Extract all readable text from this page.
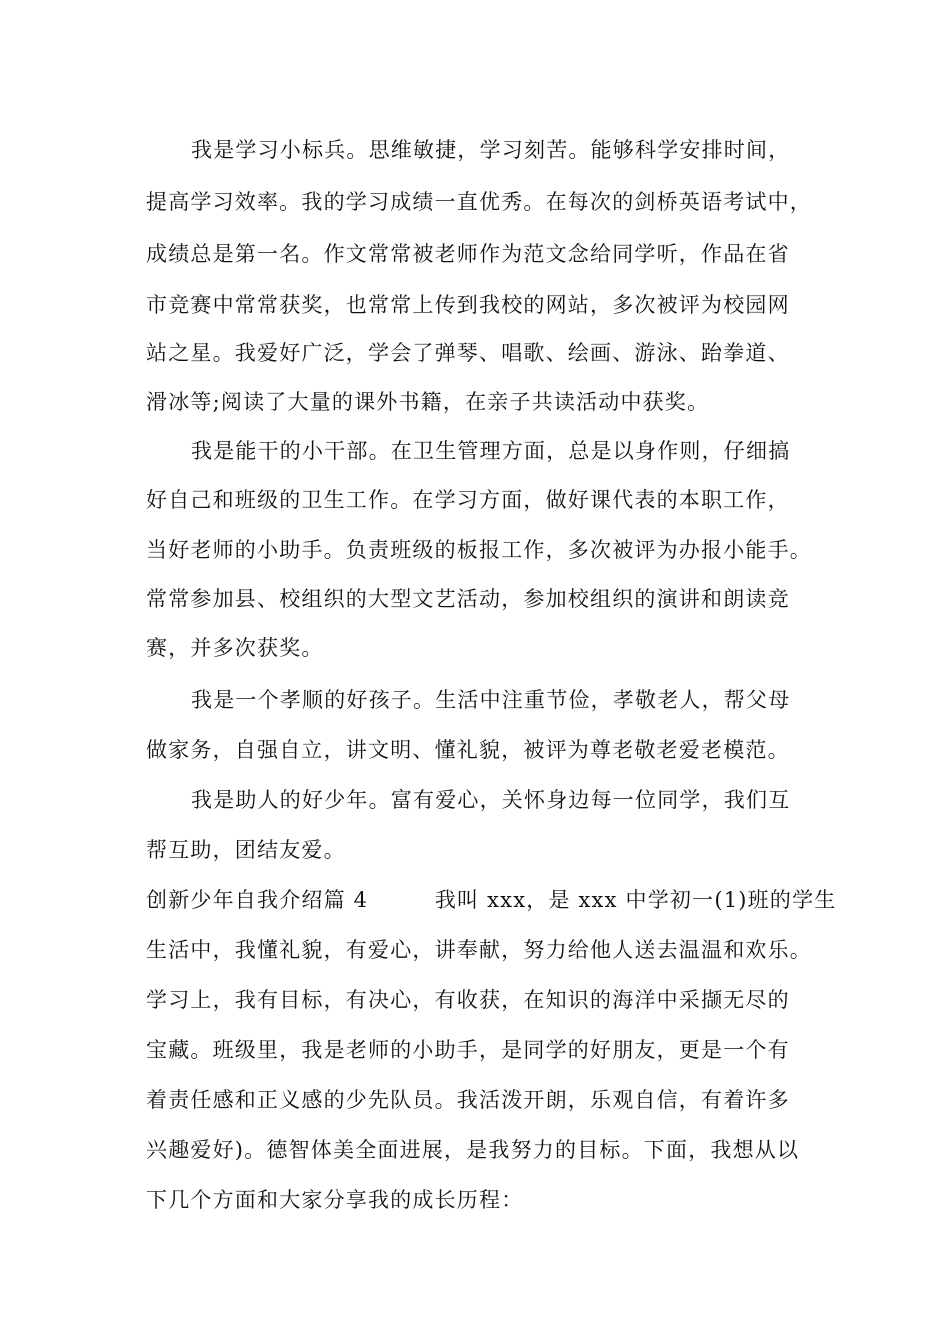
我是学习小标兵。思维敏捷，学习刻苦。能够科学安排时间，
提高学习效率。我的学习成绩一直优秀。在每次的剑桥英语考试中，
成绩总是第一名。作文常常被老师作为范文念给同学听，作品在省
市竞赛中常常获奖，也常常上传到我校的网站，多次被评为校园网
站之星。我爱好广泛，学会了弹琴、唱歌、绘画、游泳、跆拳道、
滑冰等;阅读了大量的课外书籍，在亲子共读活动中获奖。
我是能干的小干部。在卫生管理方面，总是以身作则，仔细搞
好自己和班级的卫生工作。在学习方面，做好课代表的本职工作，
当好老师的小助手。负责班级的板报工作，多次被评为办报小能手。
常常参加县、校组织的大型文艺活动，参加校组织的演讲和朗读竞
赛，并多次获奖。
我是一个孝顺的好孩子。生活中注重节俭，孝敬老人，帮父母
做家务，自强自立，讲文明、懂礼貌，被评为尊老敬老爱老模范。
我是助人的好少年。富有爱心，关怀身边每一位同学，我们互
帮互助，团结友爱。
创新少年自我介绍篇 4　　　我叫 xxx，是 xxx 中学初一(1)班的学生
生活中，我懂礼貌，有爱心，讲奉献，努力给他人送去温温和欢乐。
学习上，我有目标，有决心，有收获，在知识的海洋中采撷无尽的
宝藏。班级里，我是老师的小助手，是同学的好朋友，更是一个有
着责任感和正义感的少先队员。我活泼开朗，乐观自信，有着许多
兴趣爱好)。德智体美全面进展，是我努力的目标。下面，我想从以
下几个方面和大家分享我的成长历程：
